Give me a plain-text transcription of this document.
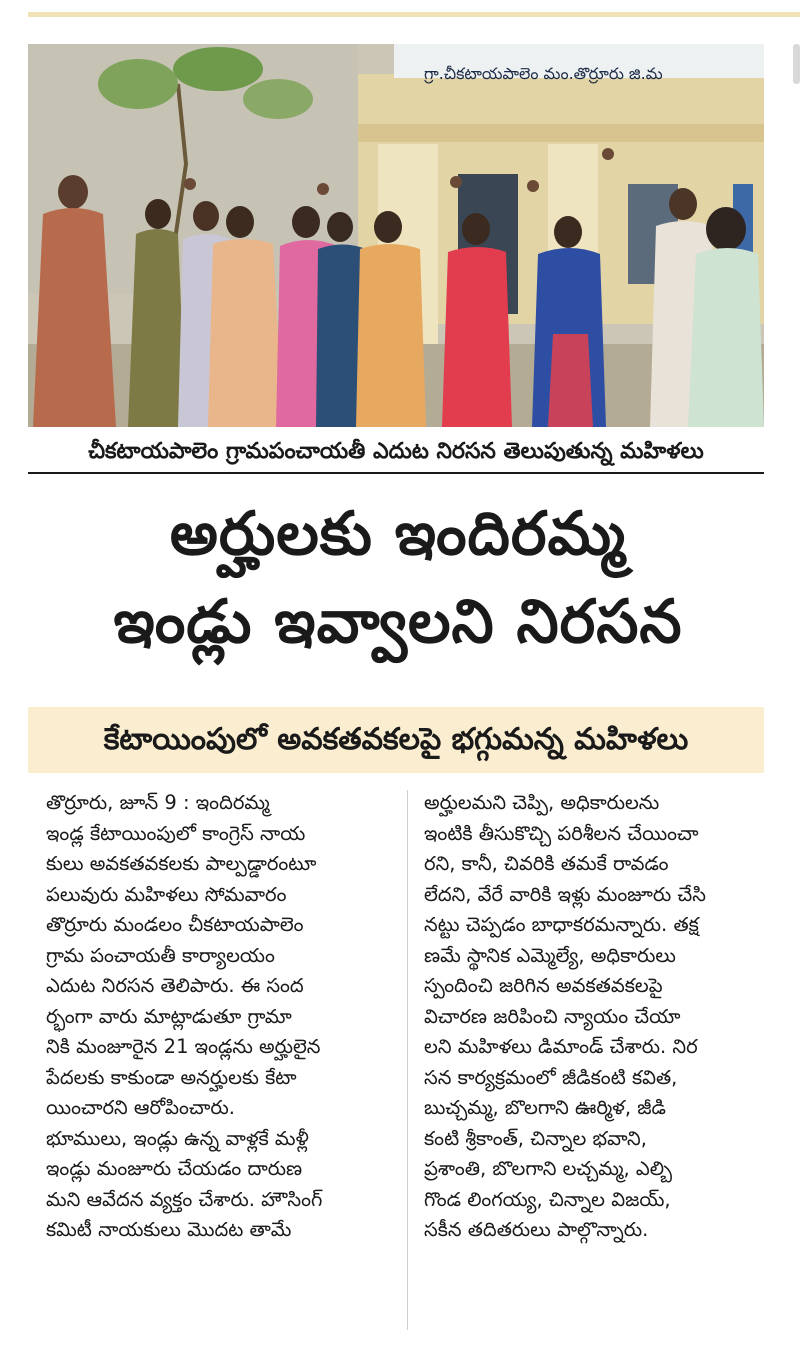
గ్రా.చీకటాయపాలెం మం.తొర్రూరు జి.మ
చీకటాయపాలెం గ్రామపంచాయతీ ఎదుట నిరసన తెలుపుతున్న మహిళలు
అర్హులకు ఇందిరమ్మ
ఇండ్లు ఇవ్వాలని నిరసన
కేటాయింపులో అవకతవకలపై భగ్గుమన్న మహిళలు
తొర్రూరు, జూన్ 9 : ఇందిరమ్మ
ఇండ్ల కేటాయింపులో కాంగ్రెస్ నాయ
కులు అవకతవకలకు పాల్పడ్డారంటూ
పలువురు మహిళలు సోమవారం
తొర్రూరు మండలం చీకటాయపాలెం
గ్రామ పంచాయతీ కార్యాలయం
ఎదుట నిరసన తెలిపారు. ఈ సంద
ర్భంగా వారు మాట్లాడుతూ గ్రామా
నికి మంజూరైన 21 ఇండ్లను అర్హులైన
పేదలకు కాకుండా అనర్హులకు కేటా
యించారని ఆరోపించారు.
భూములు, ఇండ్లు ఉన్న వాళ్లకే మళ్లీ
ఇండ్లు మంజూరు చేయడం దారుణ
మని ఆవేదన వ్యక్తం చేశారు. హౌసింగ్
కమిటీ నాయకులు మొదట తామే
అర్హులమని చెప్పి, అధికారులను
ఇంటికి తీసుకొచ్చి పరిశీలన చేయించా
రని, కానీ, చివరికి తమకే రావడం
లేదని, వేరే వారికి ఇళ్లు మంజూరు చేసి
నట్టు చెప్పడం బాధాకరమన్నారు. తక్ష
ణమే స్థానిక ఎమ్మెల్యే, అధికారులు
స్పందించి జరిగిన అవకతవకలపై
విచారణ జరిపించి న్యాయం చేయా
లని మహిళలు డిమాండ్ చేశారు. నిర
సన కార్యక్రమంలో జీడికంటి కవిత,
బుచ్చమ్మ, బొలగాని ఊర్మిళ, జీడి
కంటి శ్రీకాంత్, చిన్నాల భవాని,
ప్రశాంతి, బొలగాని లచ్చమ్మ, ఎల్బి
గొండ లింగయ్య, చిన్నాల విజయ్,
సకీన తదితరులు పాల్గొన్నారు.
